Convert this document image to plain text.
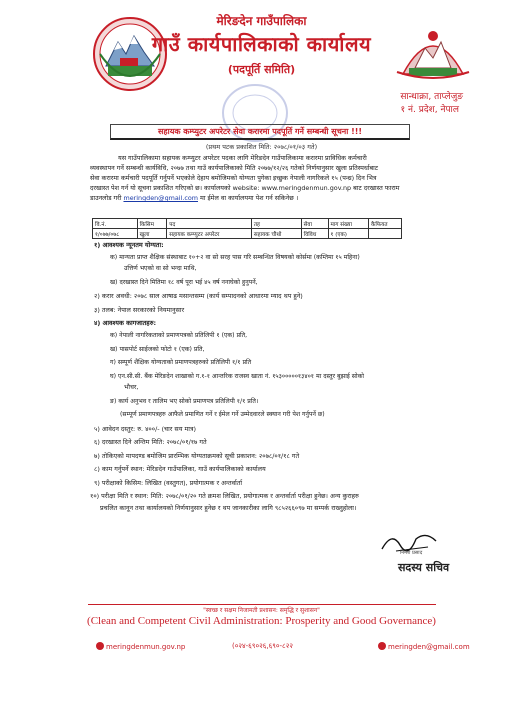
मेरिङदेन गाउँपालिका
गाउँ कार्यपालिकाको कार्यालय
(पदपूर्ति समिति)
सान्धाक्रा, ताप्लेजुङ
१ नं. प्रदेश, नेपाल
सहायक कम्प्युटर अपरेटर सेवा करारमा पदपूर्ति गर्ने सम्बन्धी सूचना !!!
(प्रथम पटक प्रकाशित मिति: २०७८/०१/०३ गते)
यस गाउँपालिकामा सहायक कम्प्युटर अपरेटर पदका लागि मेरिङदेन गाउँपालिकामा करारमा प्राविधिक कर्मचारी
व्यवस्थापन गर्ने सम्बन्धी कार्यविधि, २०७७ तथा गाउँ कार्यपालिकाको मिति २०७७/१२/२६ गतेको निर्णयानुसार खुला प्रतिस्पर्धाबाट
सेवा करारमा कर्मचारी पदपूर्ति गर्नुपर्ने भएकोले देहाय बमोजिमको योग्यता पुगेका इच्छुक नेपाली नागरिकले १५ (पन्ध्र) दिन भित्र
दरखास्त पेश गर्न यो सूचना प्रकाशित गरिएको छ। कार्यालयको website: www.meringdenmun.gov.np बाट दरखास्त फाराम
डाउनलोड गरी meringden@gmail.com मा ईमेल वा कार्यालयमा पेश गर्न सकिनेछ ।
वि.नं.	किसिम	पद	तह	सेवा	माग संख्या	कैफियत
१/०७७/०७८	खुला	सहायक कम्प्युटर अपरेटर	सहायक चौथो	विविध	१ (एक)	
१) आवश्यक न्यूनतम योग्यता:
क) मान्यता प्राप्त शैक्षिक संस्थाबाट १०+२ वा सो सरह पास गरि सम्बन्धित विषयको कोर्समा (कम्तिमा १५ महिना)
उत्तिर्ण भएको वा सो भन्दा माथि,
ख) दरखास्त दिने मितिमा १८ वर्ष पूरा भई ४५ वर्ष ननाघेको हुनुपर्ने,
२) करार अवधी: २०७८ साल आषाढ मसान्तसम्म (कार्य सम्पादनको आधारमा म्याद थप हुने)
३) तलब: नेपाल सरकारको नियमानुसार
४) आवश्यक कागजातहरु:
क) नेपाली नागरिकताको प्रमाणपत्रको प्रतिलिपी १ (एक) प्रति,
ख) पासपोर्ट साईजको फोटो १ (एक) प्रति,
ग) सम्पूर्ण शैक्षिक योग्यताको प्रमाणपत्रहरुको प्रतिलिपी १/१ प्रति
घ) एन.सी.सी. बैंक मेरिङदेन शाखाको ग.१-१ आन्तरिक राजस्व खाता नं. १५३०००००१३४०१ मा दस्तुर बुझाई सोको
भौचर,
ङ) कार्य अनुभव र तालिम भए सोको प्रमाणपत्र प्रतिलिपी १/१ प्रति।
(सम्पूर्ण प्रमाणपत्रहरु आफैले प्रमाणित गर्ने र ईमेल गर्ने उम्मेदवारले स्क्यान गरी पेश गर्नुपर्ने छ)
५) आवेदन दस्तुर: रु. ४००/- (चार सय मात्र)
६) दरखास्त दिने अन्तिम मिति: २०७८/०१/१७ गते
७) तोकिएको मापदण्ड बमोजिम प्रारम्भिक योग्यताक्रमको सूची प्रकाशन: २०७८/०१/१८ गते
८) काम गर्नुपर्ने स्थान: मेरिङदेन गाउँपालिका, गाउँ कार्यपालिकाको कार्यालय
९) परीक्षाको किसिम: लिखित (वस्तुगत), प्रयोगात्मक र अन्तर्वार्ता
१०) परीक्षा मिति र स्थान: मिति: २०७८/०१/२० गते क्रमश लिखित, प्रयोगात्मक र अन्तर्वार्ता परीक्षा हुनेछ। अन्य कुराहरु
प्रचलित कानून तथा कार्यालयको निर्णयानुसार हुनेछ र थप जानकारीका लागि ९८५२६६०९७ मा सम्पर्क राख्नुहोला।
निमेश प्रसाद
सदस्य सचिव
"स्वच्छ र सक्षम निजामती प्रशासन: समृद्धि र सुशासन"
(Clean and Competent Civil Administration: Prosperity and Good Governance)
meringdenmun.gov.np	(०२४-६९०२६,६९०-८२२	meringden@gmail.com
